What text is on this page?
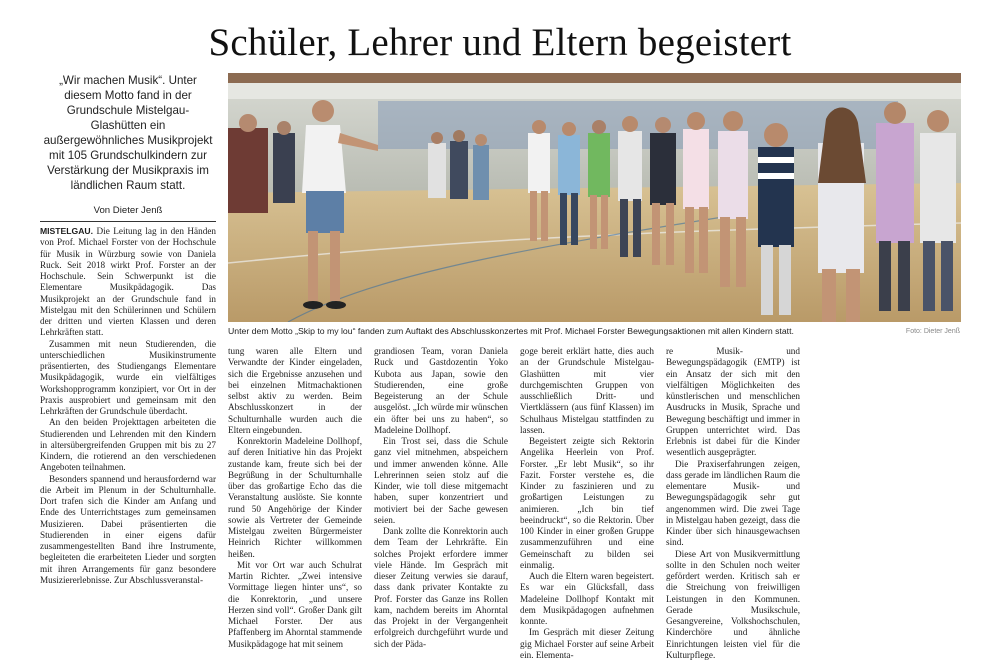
Schüler, Lehrer und Eltern begeistert
„Wir machen Musik“. Unter diesem Motto fand in der Grundschule Mistelgau-Glashütten ein außergewöhnliches Musikprojekt mit 105 Grundschulkindern zur Verstärkung der Musikpraxis im ländlichen Raum statt.
Von Dieter Jenß
Unter dem Motto „Skip to my lou“ fanden zum Auftakt des Abschlusskonzertes mit Prof. Michael Forster Bewegungsaktionen mit allen Kindern statt.	Foto: Dieter Jenß

MISTELGAU. Die Leitung lag in den Händen von Prof. Michael Forster von der Hochschule für Musik in Würzburg sowie von Daniela Ruck. Seit 2018 wirkt Prof. Forster an der Hochschule. Sein Schwerpunkt ist die Elementare Musikpädagogik. Das Musikprojekt an der Grundschule fand in Mistelgau mit den Schülerinnen und Schülern der dritten und vierten Klassen und deren Lehrkräften statt.

Zusammen mit neun Studierenden, die unterschiedlichen Musikinstrumente präsentierten, des Studiengangs Elementare Musikpädagogik, wurde ein vielfältiges Workshopprogramm konzipiert, vor Ort in der Praxis ausprobiert und gemeinsam mit den Lehrkräften der Grundschule überdacht.

An den beiden Projekttagen arbeiteten die Studierenden und Lehrenden mit den Kindern in altersübergreifenden Gruppen mit bis zu 27 Kindern, die rotierend an den verschiedenen Angeboten teilnahmen.

Besonders spannend und herausfordernd war die Arbeit im Plenum in der Schulturnhalle. Dort trafen sich die Kinder am Anfang und Ende des Unterrichtstages zum gemeinsamen Musizieren. Dabei präsentierten die Studierenden in einer eigens dafür zusammengestellten Band ihre Instrumente, begleiteten die erarbeiteten Lieder und sorgten mit ihren Arrangements für ganz besondere Musiziererlebnisse. Zur Abschlussveranstal-

tung waren alle Eltern und Verwandte der Kinder eingeladen, sich die Ergebnisse anzusehen und bei einzelnen Mitmachaktionen selbst aktiv zu werden. Beim Abschlusskonzert in der Schulturnhalle wurden auch die Eltern eingebunden.

Konrektorin Madeleine Dollhopf, auf deren Initiative hin das Projekt zustande kam, freute sich bei der Begrüßung in der Schulturnhalle über das großartige Echo das die Veranstaltung auslöste. Sie konnte rund 50 Angehörige der Kinder sowie als Vertreter der Gemeinde Mistelgau zweiten Bürgermeister Heinrich Richter willkommen heißen.

Mit vor Ort war auch Schulrat Martin Richter. „Zwei intensive Vormittage liegen hinter uns“, so die Konrektorin, „und unsere Herzen sind voll“. Großer Dank gilt Michael Forster. Der aus Pfaffenberg im Ahorntal stammende Musikpädagoge hat mit seinem

grandiosen Team, voran Daniela Ruck und Gastdozentin Yoko Kubota aus Japan, sowie den Studierenden, eine große Begeisterung an der Schule ausgelöst. „Ich würde mir wünschen ein öfter bei uns zu haben“, so Madeleine Dollhopf.

Ein Trost sei, dass die Schule ganz viel mitnehmen, abspeichern und immer anwenden könne. Alle Lehrerinnen seien stolz auf die Kinder, wie toll diese mitgemacht haben, super konzentriert und motiviert bei der Sache gewesen seien.

Dank zollte die Konrektorin auch dem Team der Lehrkräfte. Ein solches Projekt erfordere immer viele Hände. Im Gespräch mit dieser Zeitung verwies sie darauf, dass dank privater Kontakte zu Prof. Forster das Ganze ins Rollen kam, nachdem bereits im Ahorntal das Projekt in der Vergangenheit erfolgreich durchgeführt wurde und sich der Päda-

goge bereit erklärt hatte, dies auch an der Grundschule Mistelgau-Glashütten mit vier durchgemischten Gruppen von ausschließlich Dritt- und Viertklässern (aus fünf Klassen) im Schulhaus Mistelgau stattfinden zu lassen.

Begeistert zeigte sich Rektorin Angelika Heerlein von Prof. Forster. „Er lebt Musik“, so ihr Fazit. Forster verstehe es, die Kinder zu faszinieren und zu großartigen Leistungen zu animieren. „Ich bin tief beeindruckt“, so die Rektorin. Über 100 Kinder in einer großen Gruppe zusammenzuführen und eine Gemeinschaft zu bilden sei einmalig.

Auch die Eltern waren begeistert. Es war ein Glücksfall, dass Madeleine Dollhopf Kontakt mit dem Musikpädagogen aufnehmen konnte.

Im Gespräch mit dieser Zeitung gig Michael Forster auf seine Arbeit ein. Elementa-

re Musik- und Bewegungspädagogik (EMTP) ist ein Ansatz der sich mit den vielfältigen Möglichkeiten des künstlerischen und menschlichen Ausdrucks in Musik, Sprache und Bewegung beschäftigt und immer in Gruppen unterrichtet wird. Das Erlebnis ist dabei für die Kinder wesentlich ausgeprägter.

Die Praxiserfahrungen zeigen, dass gerade im ländlichen Raum die elementare Musik- und Bewegungspädagogik sehr gut angenommen wird. Die zwei Tage in Mistelgau haben gezeigt, dass die Kinder über sich hinausgewachsen sind.

Diese Art von Musikvermittlung sollte in den Schulen noch weiter gefördert werden. Kritisch sah er die Streichung von freiwilligen Leistungen in den Kommunen. Gerade Musikschule, Gesangvereine, Volkshochschulen, Kinderchöre und ähnliche Einrichtungen leisten viel für die Kulturpflege.
